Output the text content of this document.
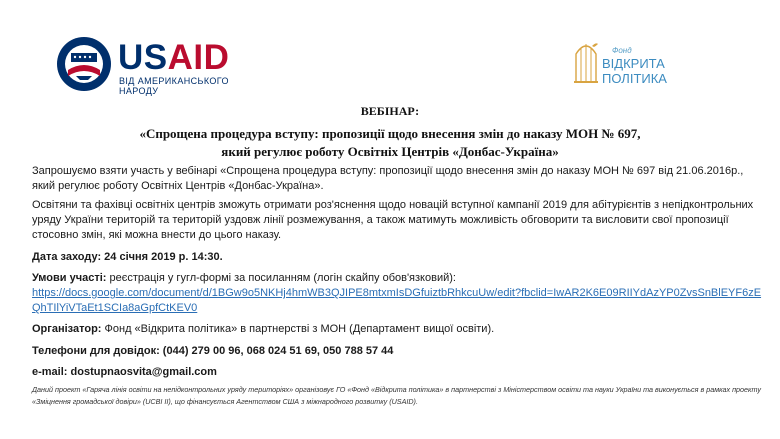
USAID
ВІД АМЕРИКАНСЬКОГО НАРОДУ
Фонд
ВІДКРИТА
ПОЛІТИКА
ВЕБІНАР:
«Спрощена процедура вступу: пропозиції щодо внесення змін до наказу МОН № 697,
який регулює роботу Освітніх Центрів «Донбас-Україна»
Запрошуємо взяти участь у вебінарі «Спрощена процедура вступу: пропозиції щодо внесення змін до наказу МОН № 697 від 21.06.2016р., який регулює роботу Освітніх Центрів «Донбас-Україна».
Освітяни та фахівці освітніх центрів зможуть отримати роз'яснення щодо новацій вступної кампанії 2019 для абітурієнтів з непідконтрольних уряду України територій та територій уздовж лінії розмежування, а також матимуть можливість обговорити та висловити свої пропозиції стосовно змін, які можна внести до цього наказу.
Дата заходу: 24 січня 2019 р. 14:30.
Умови участі: реєстрація у гугл-формі за посиланням (логін скайпу обов'язковий):
https://docs.google.com/document/d/1BGw9o5NKHj4hmWB3QJIPE8mtxmIsDGfuiztbRhkcuUw/edit?fbclid=IwAR2K6E09RIIYdAzYP0ZvsSnBlEYF6zEQhTIlYiVTaEt1SCIa8aGpfCtKEV0
Організатор: Фонд «Відкрита політика» в партнерстві з МОН (Департамент вищої освіти).
Телефони для довідок: (044) 279 00 96, 068 024 51 69, 050 788 57 44
e-mail: dostupnaosvita@gmail.com
Даний проект «Гаряча лінія освіти на непідконтрольних уряду територіях» організовує ГО «Фонд «Відкрита політика» в партнерстві з Міністерством освіти та науки України та виконується в рамках проекту «Зміцнення громадської довіри» (UCBI II), що фінансується Агентством США з міжнародного розвитку (USAID).
